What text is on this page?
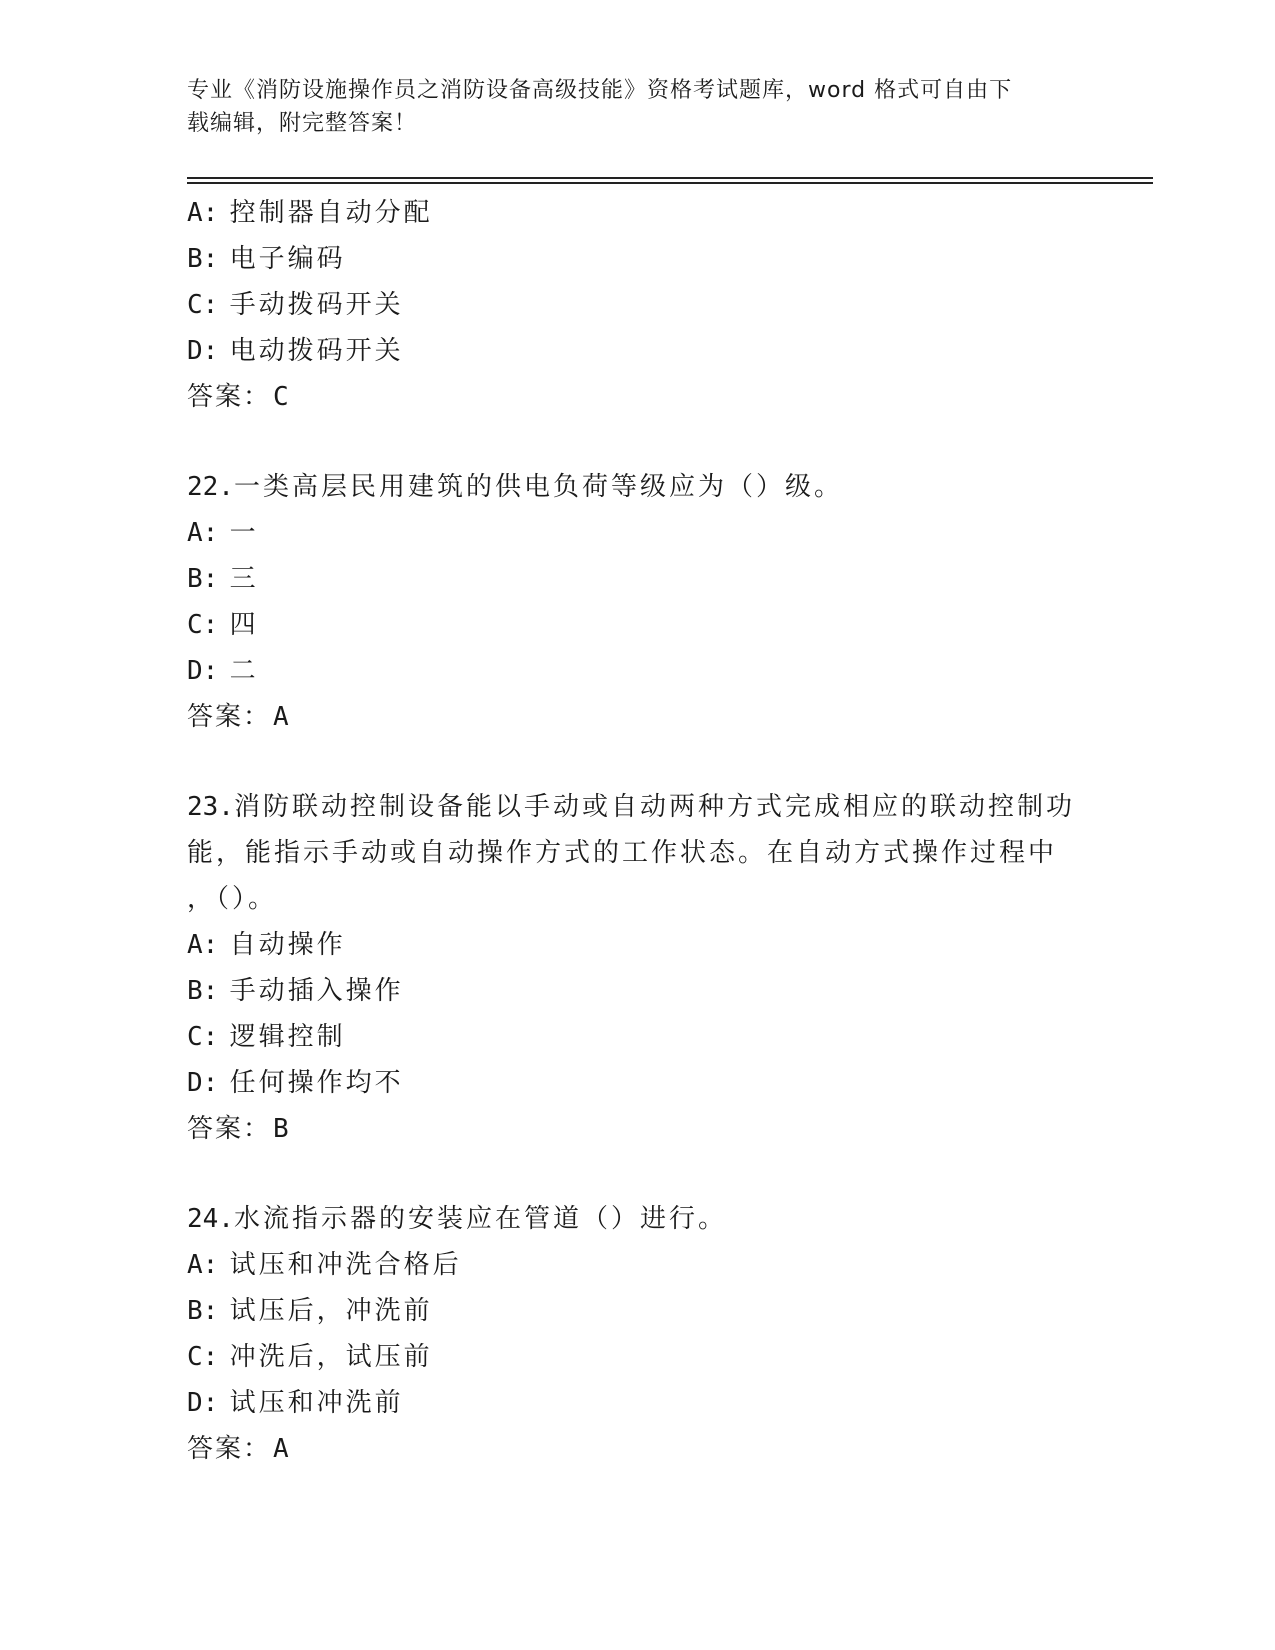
专业《消防设施操作员之消防设备高级技能》资格考试题库，word 格式可自由下
载编辑，附完整答案！
A: 控制器自动分配
B: 电子编码
C: 手动拨码开关
D: 电动拨码开关
答案：C
22.一类高层民用建筑的供电负荷等级应为（）级。
A: 一
B: 三
C: 四
D: 二
答案：A
23.消防联动控制设备能以手动或自动两种方式完成相应的联动控制功
能，能指示手动或自动操作方式的工作状态。在自动方式操作过程中
，（）。
A: 自动操作
B: 手动插入操作
C: 逻辑控制
D: 任何操作均不
答案：B
24.水流指示器的安装应在管道（）进行。
A: 试压和冲洗合格后
B: 试压后，冲洗前
C: 冲洗后，试压前
D: 试压和冲洗前
答案：A
